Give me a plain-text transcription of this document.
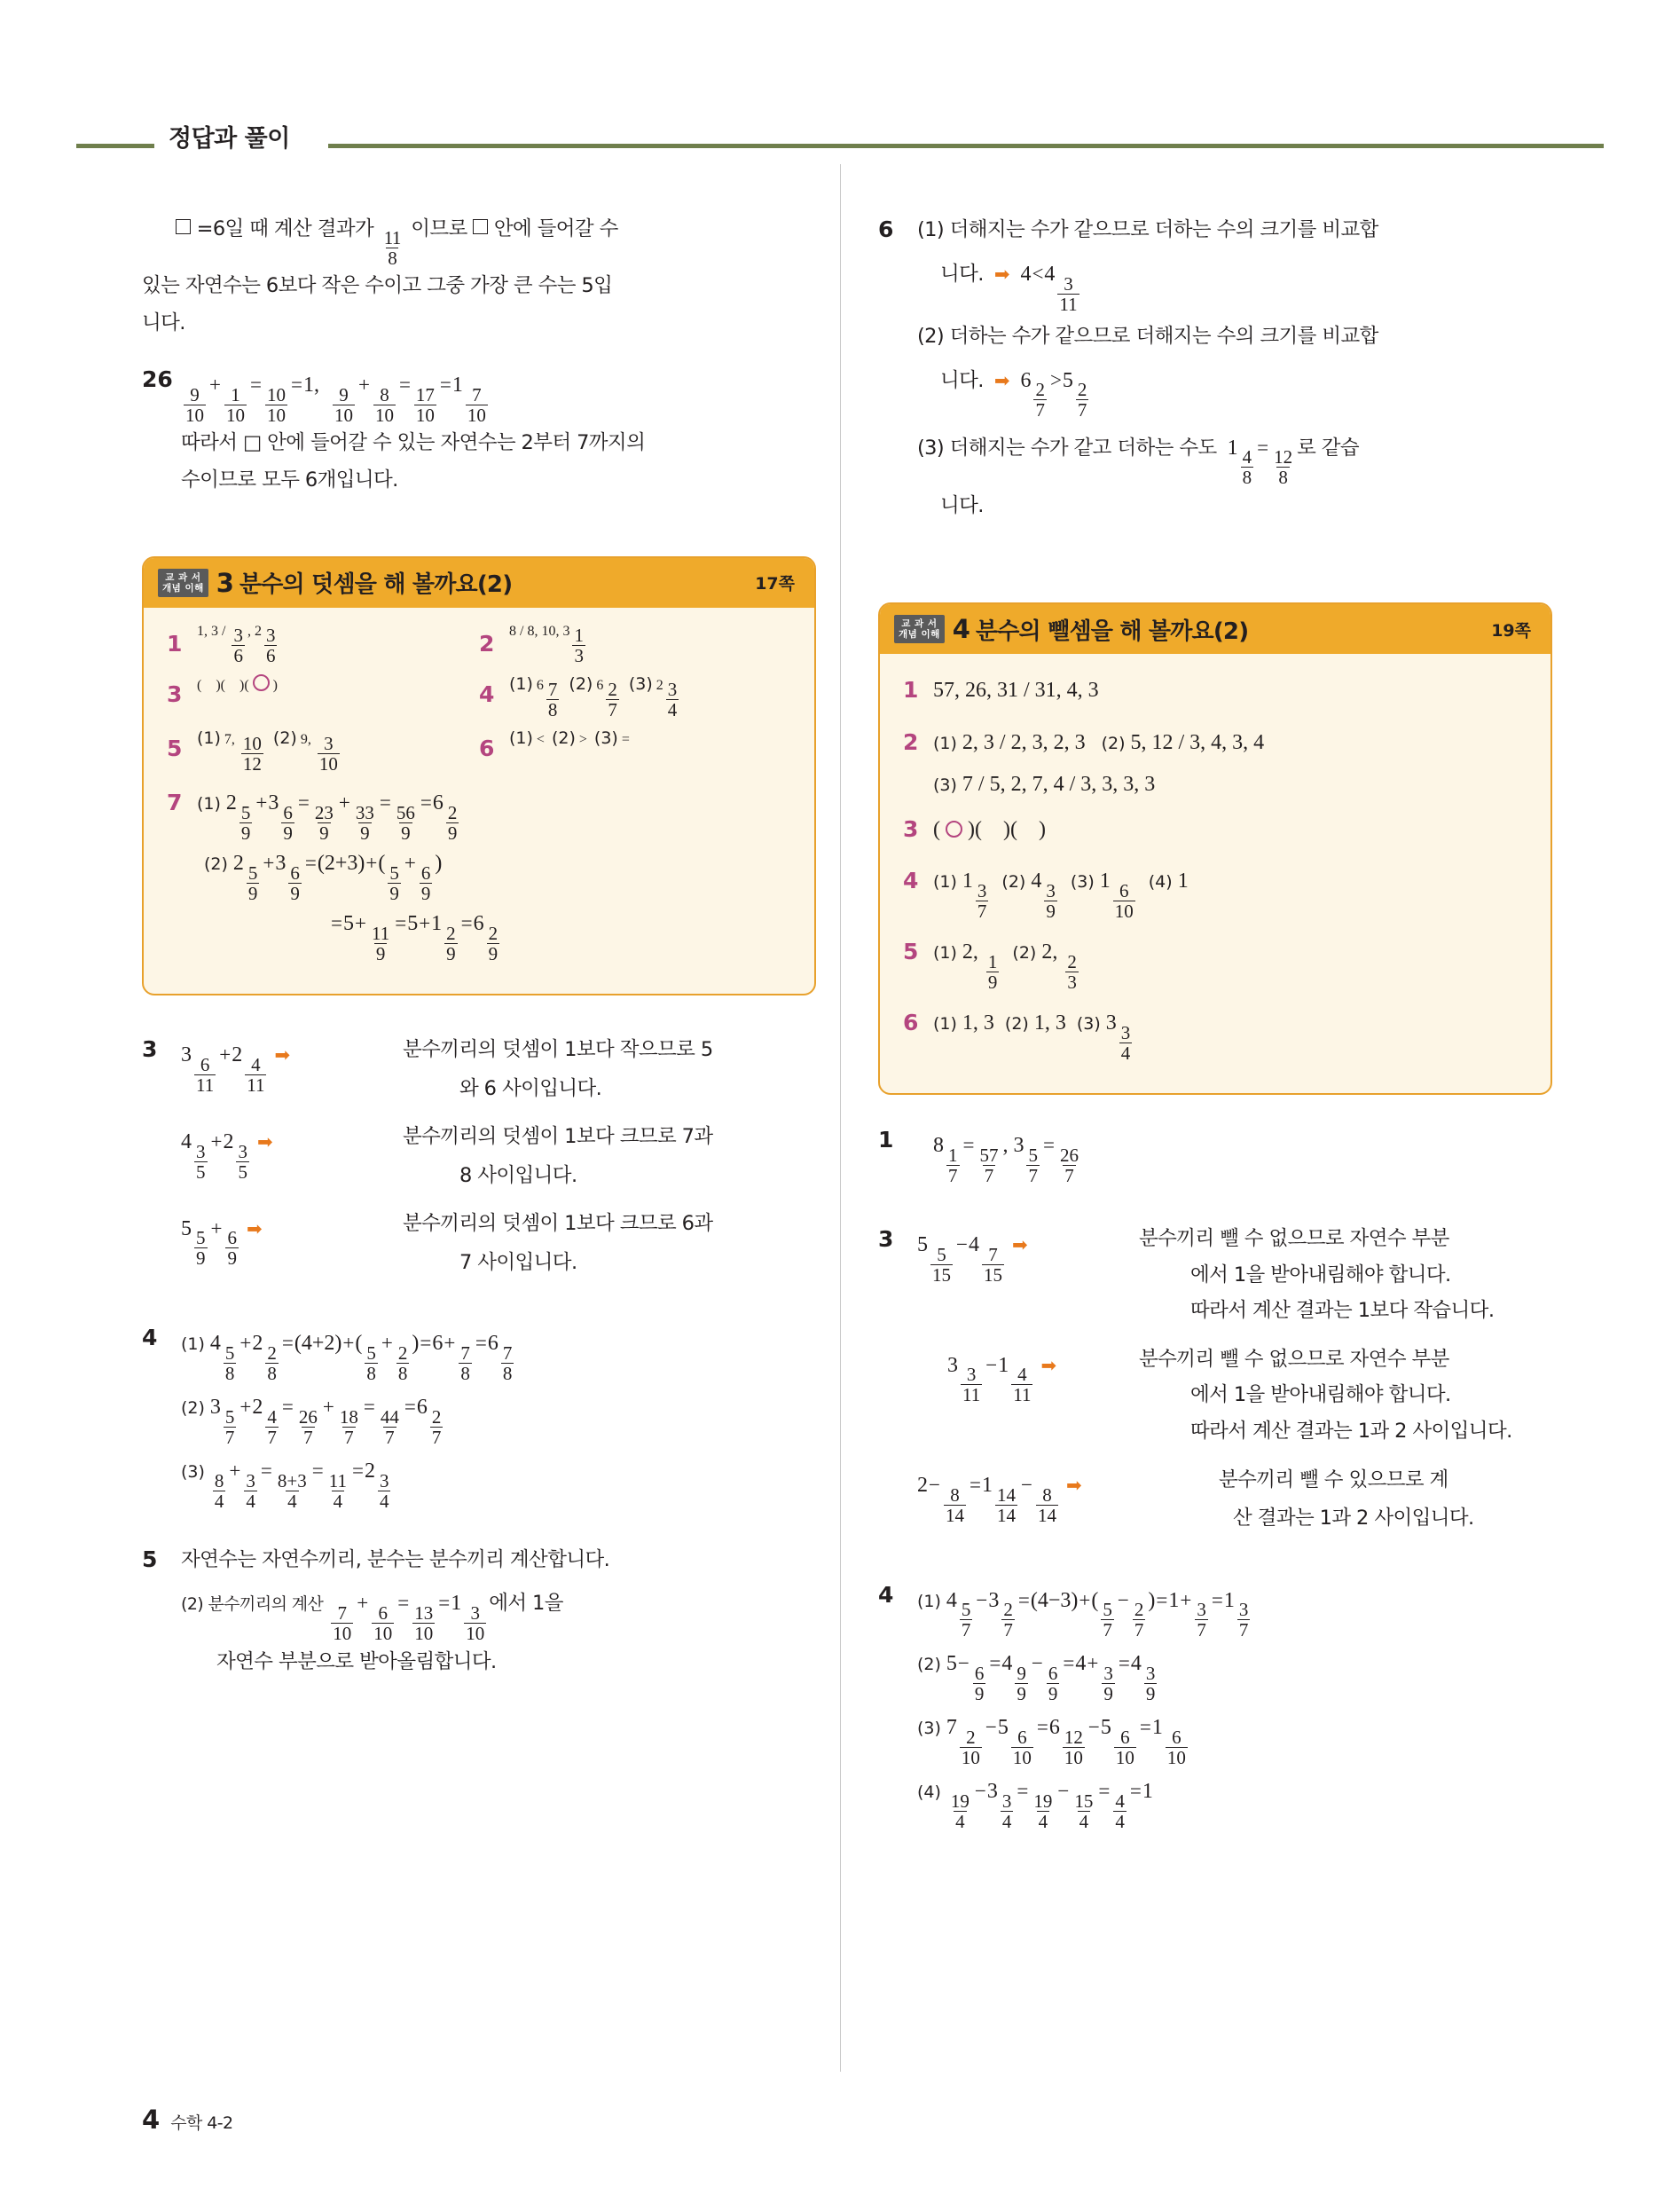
정답과 풀이
=6일 때 계산 결과가 $\frac{11}{8}$ 이므로 안에 들어갈 수
있는 자연수는 6보다 작은 수이고 그중 가장 큰 수는 5입
니다.
26
$\frac{9}{10}$
+
$\frac{1}{10}$
=
$\frac{10}{10}$
=1, $\frac{9}{10}$
+
$\frac{8}{10}$
=
$\frac{17}{10}$
$=1 \frac{7}{10}$
따라서 □ 안에 들어갈 수 있는 자연수는 2부터 7까지의
수이므로 모두 6개입니다.
교 과 서
개념 이해 3 분수의 덧셈을 해 볼까요(2)	17쪽
1	1, $3 / \frac{3}{6}$ , $2 \frac{3}{6}$	2	8 / 8, 10, $3 \frac{1}{3}$
3	(    )(    )( ○ )	4 (1) $6 \frac{7}{8} (2)$ $6 \frac{2}{7} (3)$ $2 \frac{3}{4}$
5 (1) 7, $\frac{10}{12} (2)$ 9, $\frac{3}{10}$	6 (1) <  (2) >  (3) =
7 (1) $2 \frac{5}{9}$
$+3 \frac{6}{9}$
=
$\frac{23}{9}$
+
$\frac{33}{9}$
=
$\frac{56}{9}$
$=6 \frac{2}{9}$
(2) $2 \frac{5}{9}$
$+3 \frac{6}{9}$
$=(2+3)+( \frac{5}{9}$
+
$\frac{6}{9}$ )
=5+
$\frac{11}{9}$
$=5+1 \frac{2}{9}$
$=6 \frac{2}{9}$
3	$3 \frac{6}{11}$
$+2 \frac{4}{11}$ ➡	분수끼리의 덧셈이 1보다 작으므로 5
와 6 사이입니다.
$4 \frac{3}{5}$
$+2 \frac{3}{5}$ ➡	분수끼리의 덧셈이 1보다 크므로 7과
8 사이입니다.
$5 \frac{5}{9}$
+
$\frac{6}{9}$ ➡	분수끼리의 덧셈이 1보다 크므로 6과
7 사이입니다.
4	(1) $4 \frac{5}{8}$
$+2 \frac{2}{8}$
$=(4+2)+( \frac{5}{8}$
+
$\frac{2}{8} )=6+$
$\frac{7}{8}$
$=6 \frac{7}{8}$
(2) $3 \frac{5}{7}$
$+2 \frac{4}{7}$
=
$\frac{26}{7}$
+
$\frac{18}{7}$
=
$\frac{44}{7}$
$=6 \frac{2}{7}$
$(3) \frac{8}{4}$
+
$\frac{3}{4}$
=
$\frac{8+3}{4}$
=
$\frac{11}{4}$
$=2 \frac{3}{4}$
5	자연수는 자연수끼리, 분수는 분수끼리 계산합니다.
(2) 분수끼리의 계산 $\frac{7}{10}$
+
$\frac{6}{10}$
=
$\frac{13}{10}$
$=1 \frac{3}{10}$ 에서 1을
자연수 부분으로 받아올림합니다.
6	(1) 더해지는 수가 같으므로 더하는 수의 크기를 비교합
니다. ➡ $4<4 \frac{3}{11}$
(2) 더하는 수가 같으므로 더해지는 수의 크기를 비교합
니다. ➡ $6 \frac{2}{7}$
$>5 \frac{2}{7}$
(3) 더해지는 수가 같고 더하는 수도  $1 \frac{4}{8}$
=
$\frac{12}{8}$ 로 같습
니다.
교 과 서
개념 이해 4 분수의 뺄셈을 해 볼까요(2)	19쪽
1 57, 26, 31 / 31, 4, 3
2 (1) 2, 3 / 2, 3, 2, 3   (2) 5, 12 / 3, 4, 3, 4
(3) 7 / 5, 2, 7, 4 / 3, 3, 3, 3
3 ( ○ )(    )(    )
4 (1) $1 \frac{3}{7} (2)$ $4 \frac{3}{9} (3)$ $1 \frac{6}{10} (4)$ 1
5 (1) 2, $\frac{1}{9} (2)$ 2, $\frac{2}{3}$
6 (1) 1, 3  (2) 1, 3  (3) $3 \frac{3}{4}$
1	$8 \frac{1}{7}$
=
$\frac{57}{7}$ , $3 \frac{5}{7}$
=
$\frac{26}{7}$
3	$5 \frac{5}{15}$
$-4 \frac{7}{15}$ ➡	분수끼리 뺄 수 없으므로 자연수 부분
에서 1을 받아내림해야 합니다.
따라서 계산 결과는 1보다 작습니다.
$3 \frac{3}{11}$
$-1 \frac{4}{11}$ ➡	분수끼리 뺄 수 없으므로 자연수 부분
에서 1을 받아내림해야 합니다.
따라서 계산 결과는 1과 2 사이입니다.
2−
$\frac{8}{14}$
$=1 \frac{14}{14}$
−
$\frac{8}{14}$ ➡	분수끼리 뺄 수 있으므로 계
산 결과는 1과 2 사이입니다.
4	(1) $4 \frac{5}{7}$
$-3 \frac{2}{7}$
$=(4-3)+( \frac{5}{7}$
−
$\frac{2}{7} )=1+$
$\frac{3}{7}$
$=1 \frac{3}{7}$
(2) 5−
$\frac{6}{9}$
$=4 \frac{9}{9}$
−
$\frac{6}{9}$
=4+
$\frac{3}{9}$
$=4 \frac{3}{9}$
(3) $7 \frac{2}{10}$
$-5 \frac{6}{10}$
$=6 \frac{12}{10}$
$-5 \frac{6}{10}$
$=1 \frac{6}{10}$
$(4) \frac{19}{4}$
$-3 \frac{3}{4}$
=
$\frac{19}{4}$
−
$\frac{15}{4}$
=
$\frac{4}{4}$
=1
4 수학 4-2
